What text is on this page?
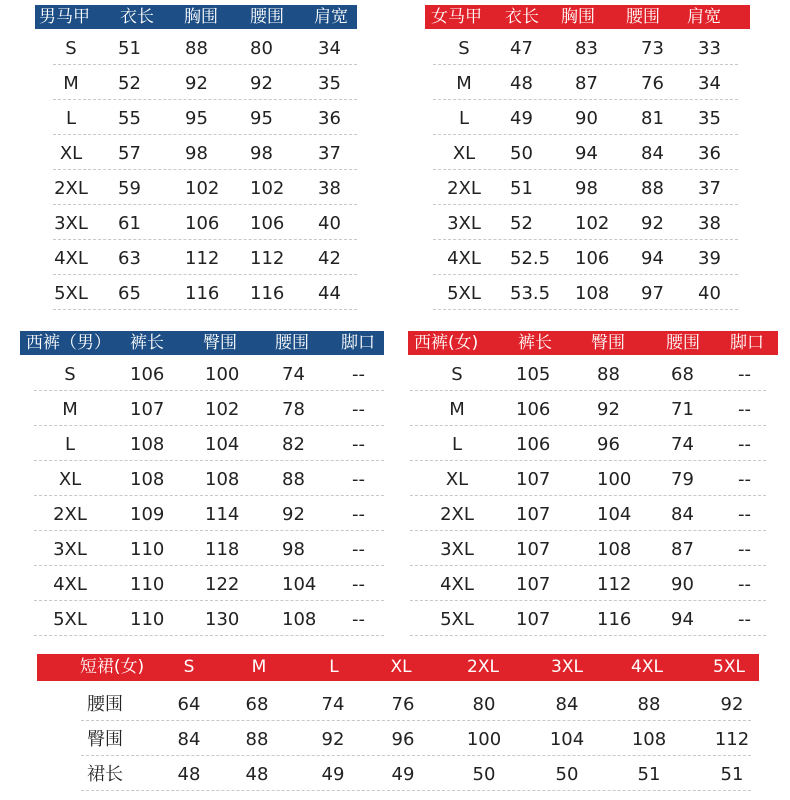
男马甲 衣长 胸围 腰围 肩宽
S 51 88 80	34
M 52 92 92	35
L 55 95 95	36
XL 57 98 98	37
2XL 59 102 102 38
3XL 61 106 106 40
4XL 63 112 112 42
5XL 65 116 116 44
女马甲 衣长 胸围 腰围 肩宽
S 47 83 73 33
M 48 87 76 34
L 49 90 81 35
XL 50 94 84 36
2XL 51 98 88 37
3XL 52 102 92 38
4XL 52.5 106 94 39
5XL 53.5 108 97 40
西裤（男） 裤长 臀围 腰围 脚口
S	106 100 74	--
M	107 102 78	--
L	108 104 82	--
XL	108 108 88	--
2XL 109 114 92	--
3XL 110 118 98	--
4XL 110 122 104 --
5XL 110 130 108 --
西裤(女) 裤长 臀围 腰围 脚口
S	105	88	68 --
M	106	92	71 --
L	106	96	74 --
XL	107	100 79 --
2XL 107	104 84 --
3XL 107	108 87 --
4XL 107	112 90 --
5XL 107	116 94 --
短裙(女) S	M	L	XL	2XL	3XL	4XL	5XL
腰围	64	68	74	76	80	84	88	92
臀围	84	88	92	96	100	104	108	112
裙长	48	48	49	49	50	50	51	51
